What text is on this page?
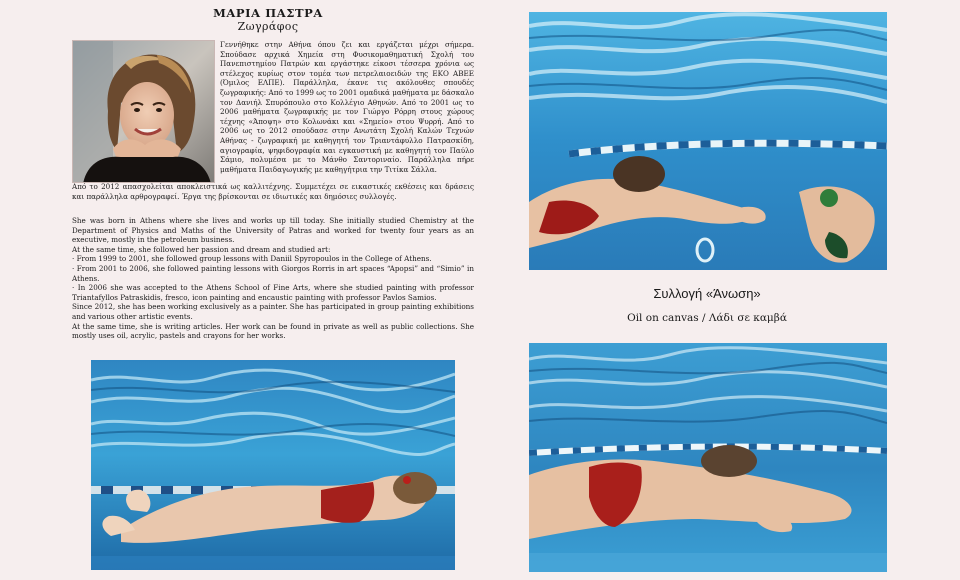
ΜΑΡΙΑ ΠΑΣΤΡΑ
Ζωγράφος

Γεννήθηκε στην Αθήνα όπου ζει και εργάζεται μέχρι σήμερα. Σπούδασε αρχικά Χημεία στη Φυσικομαθηματική Σχολή του Πανεπιστημίου Πατρών και εργάστηκε είκοσι τέσσερα χρόνια ως στέλεχος κυρίως στον τομέα των πετρελαιοειδών της ΕΚΟ ΑΒΕΕ (Όμιλος ΕΛΠΕ). Παράλληλα, έκανε τις ακόλουθες σπουδές ζωγραφικής: Από το 1999 ως το 2001 ομαδικά μαθήματα με δάσκαλο τον Δανιήλ Σπυρόπουλο στο Κολλέγιο Αθηνών. Από το 2001 ως το 2006 μαθήματα ζωγραφικής με τον Γιώργο Ρόρρη στους χώρους τέχνης «Άποψη» στο Κολωνάκι και «Σημείο» στου Ψυρρή. Από το 2006 ως το 2012 σπούδασε στην Ανωτάτη Σχολή Καλών Τεχνών Αθήνας - ζωγραφική με καθηγητή τον Τριαντάφυλλο Πατρασκίδη, αγιογραφία, ψηφιδογραφία και εγκαυστική με καθηγητή τον Παύλο Σάμιο, πολυμέσα με το Μάνθο Σαντοριναίο. Παράλληλα πήρε μαθήματα Παιδαγωγικής με καθηγήτρια την Τιτίκα Σάλλα.

Από το 2012 απασχολείται αποκλειστικά ως καλλιτέχνης. Συμμετέχει σε εικαστικές εκθέσεις και δράσεις και παράλληλα αρθρογραφεί. Έργα της βρίσκονται σε ιδιωτικές και δημόσιες συλλογές.

She was born in Athens where she lives and works up till today. She initially studied Chemistry at the Department of Physics and Maths of the University of Patras and worked for twenty four years as an executive, mostly in the petroleum business.

At the same time, she followed her passion and dream and studied art:

· From 1999 to 2001, she followed group lessons with Daniil Spyropoulos in the College of Athens.

· From 2001 to 2006, she followed painting lessons with Giorgos Rorris in art spaces “Apopsi” and “Simio” in Athens.

· In 2006 she was accepted to the Athens School of Fine Arts, where she studied painting with professor Triantafyllos Patraskidis, fresco, icon painting and encaustic painting with professor Pavlos Samios.

Since 2012, she has been working exclusively as a painter. She has participated in group painting exhibitions and various other artistic events.

At the same time, she is writing articles. Her work can be found in private as well as public collections. She mostly uses oil, acrylic, pastels and crayons for her works.

Συλλογή «Άνωση»
Oil on canvas / Λάδι σε καμβά
